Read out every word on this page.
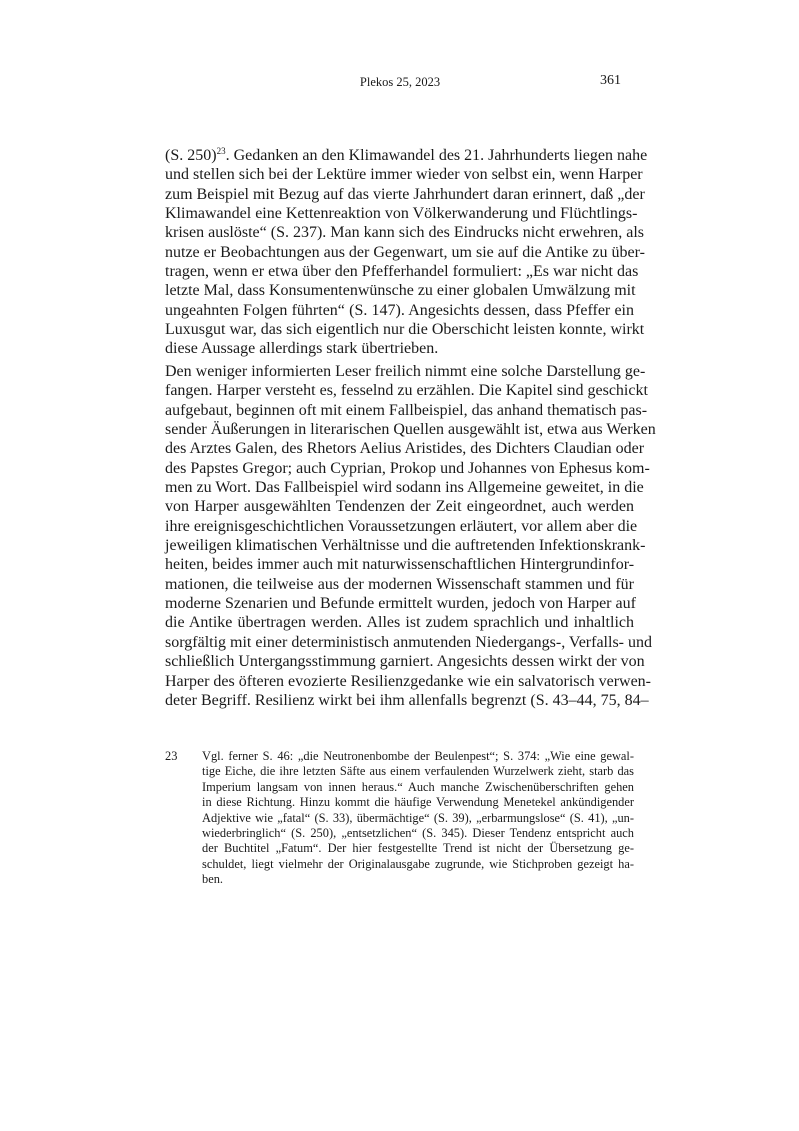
Plekos 25, 2023	361
(S. 250)$^{23}$. Gedanken an den Klimawandel des 21. Jahrhunderts liegen nahe
und stellen sich bei der Lektüre immer wieder von selbst ein, wenn Harper
zum Beispiel mit Bezug auf das vierte Jahrhundert daran erinnert, daß „der
Klimawandel eine Kettenreaktion von Völkerwanderung und Flüchtlings-
krisen auslöste“ (S. 237). Man kann sich des Eindrucks nicht erwehren, als
nutze er Beobachtungen aus der Gegenwart, um sie auf die Antike zu über-
tragen, wenn er etwa über den Pfefferhandel formuliert: „Es war nicht das
letzte Mal, dass Konsumentenwünsche zu einer globalen Umwälzung mit
ungeahnten Folgen führten“ (S. 147). Angesichts dessen, dass Pfeffer ein
Luxusgut war, das sich eigentlich nur die Oberschicht leisten konnte, wirkt
diese Aussage allerdings stark übertrieben.
Den weniger informierten Leser freilich nimmt eine solche Darstellung ge-
fangen. Harper versteht es, fesselnd zu erzählen. Die Kapitel sind geschickt
aufgebaut, beginnen oft mit einem Fallbeispiel, das anhand thematisch pas-
sender Äußerungen in literarischen Quellen ausgewählt ist, etwa aus Werken
des Arztes Galen, des Rhetors Aelius Aristides, des Dichters Claudian oder
des Papstes Gregor; auch Cyprian, Prokop und Johannes von Ephesus kom-
men zu Wort. Das Fallbeispiel wird sodann ins Allgemeine geweitet, in die
von Harper ausgewählten Tendenzen der Zeit eingeordnet, auch werden
ihre ereignisgeschichtlichen Voraussetzungen erläutert, vor allem aber die
jeweiligen klimatischen Verhältnisse und die auftretenden Infektionskrank-
heiten, beides immer auch mit naturwissenschaftlichen Hintergrundinfor-
mationen, die teilweise aus der modernen Wissenschaft stammen und für
moderne Szenarien und Befunde ermittelt wurden, jedoch von Harper auf
die Antike übertragen werden. Alles ist zudem sprachlich und inhaltlich
sorgfältig mit einer deterministisch anmutenden Niedergangs-, Verfalls- und
schließlich Untergangsstimmung garniert. Angesichts dessen wirkt der von
Harper des öfteren evozierte Resilienzgedanke wie ein salvatorisch verwen-
deter Begriff. Resilienz wirkt bei ihm allenfalls begrenzt (S. 43–44, 75, 84–
23 Vgl. ferner S. 46: „die Neutronenbombe der Beulenpest“; S. 374: „Wie eine gewal-
tige Eiche, die ihre letzten Säfte aus einem verfaulenden Wurzelwerk zieht, starb das
Imperium langsam von innen heraus.“ Auch manche Zwischenüberschriften gehen
in diese Richtung. Hinzu kommt die häufige Verwendung Menetekel ankündigender
Adjektive wie „fatal“ (S. 33), übermächtige“ (S. 39), „erbarmungslose“ (S. 41), „un-
wiederbringlich“ (S. 250), „entsetzlichen“ (S. 345). Dieser Tendenz entspricht auch
der Buchtitel „Fatum“. Der hier festgestellte Trend ist nicht der Übersetzung ge-
schuldet, liegt vielmehr der Originalausgabe zugrunde, wie Stichproben gezeigt ha-
ben.
